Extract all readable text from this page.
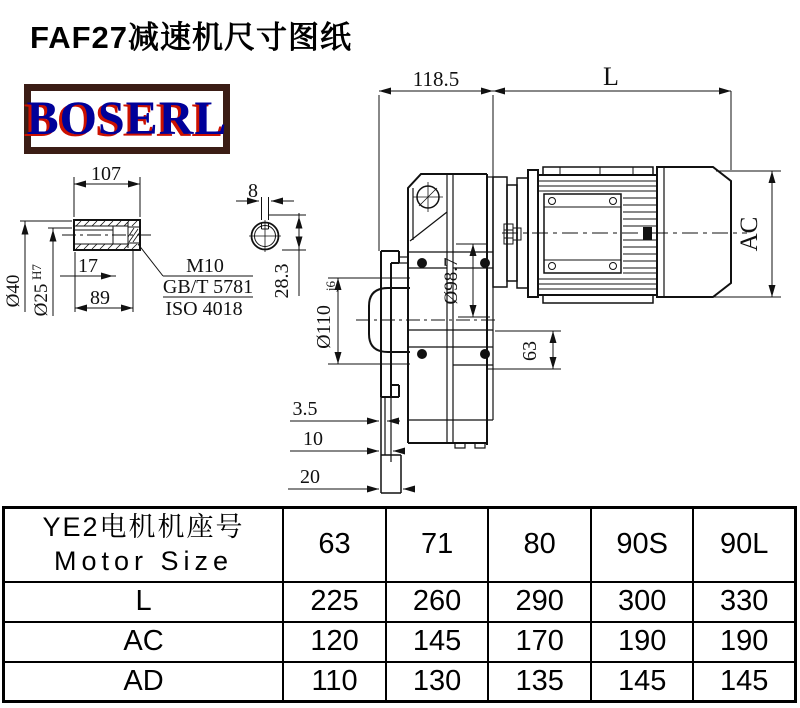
FAF27减速机尺寸图纸
BOSERL
107
8
17
89
M10
GB/T 5781
ISO 4018
Ø40 Ø25
H7	28.3
118.5	L
AC
Ø110
j6	Ø98.7
63
3.5
10
20
YE2电机机座号
Motor Size	63	71	80	90S	90L
L	225	260	290	300	330
AC	120	145	170	190	190
AD	110	130	135	145	145
